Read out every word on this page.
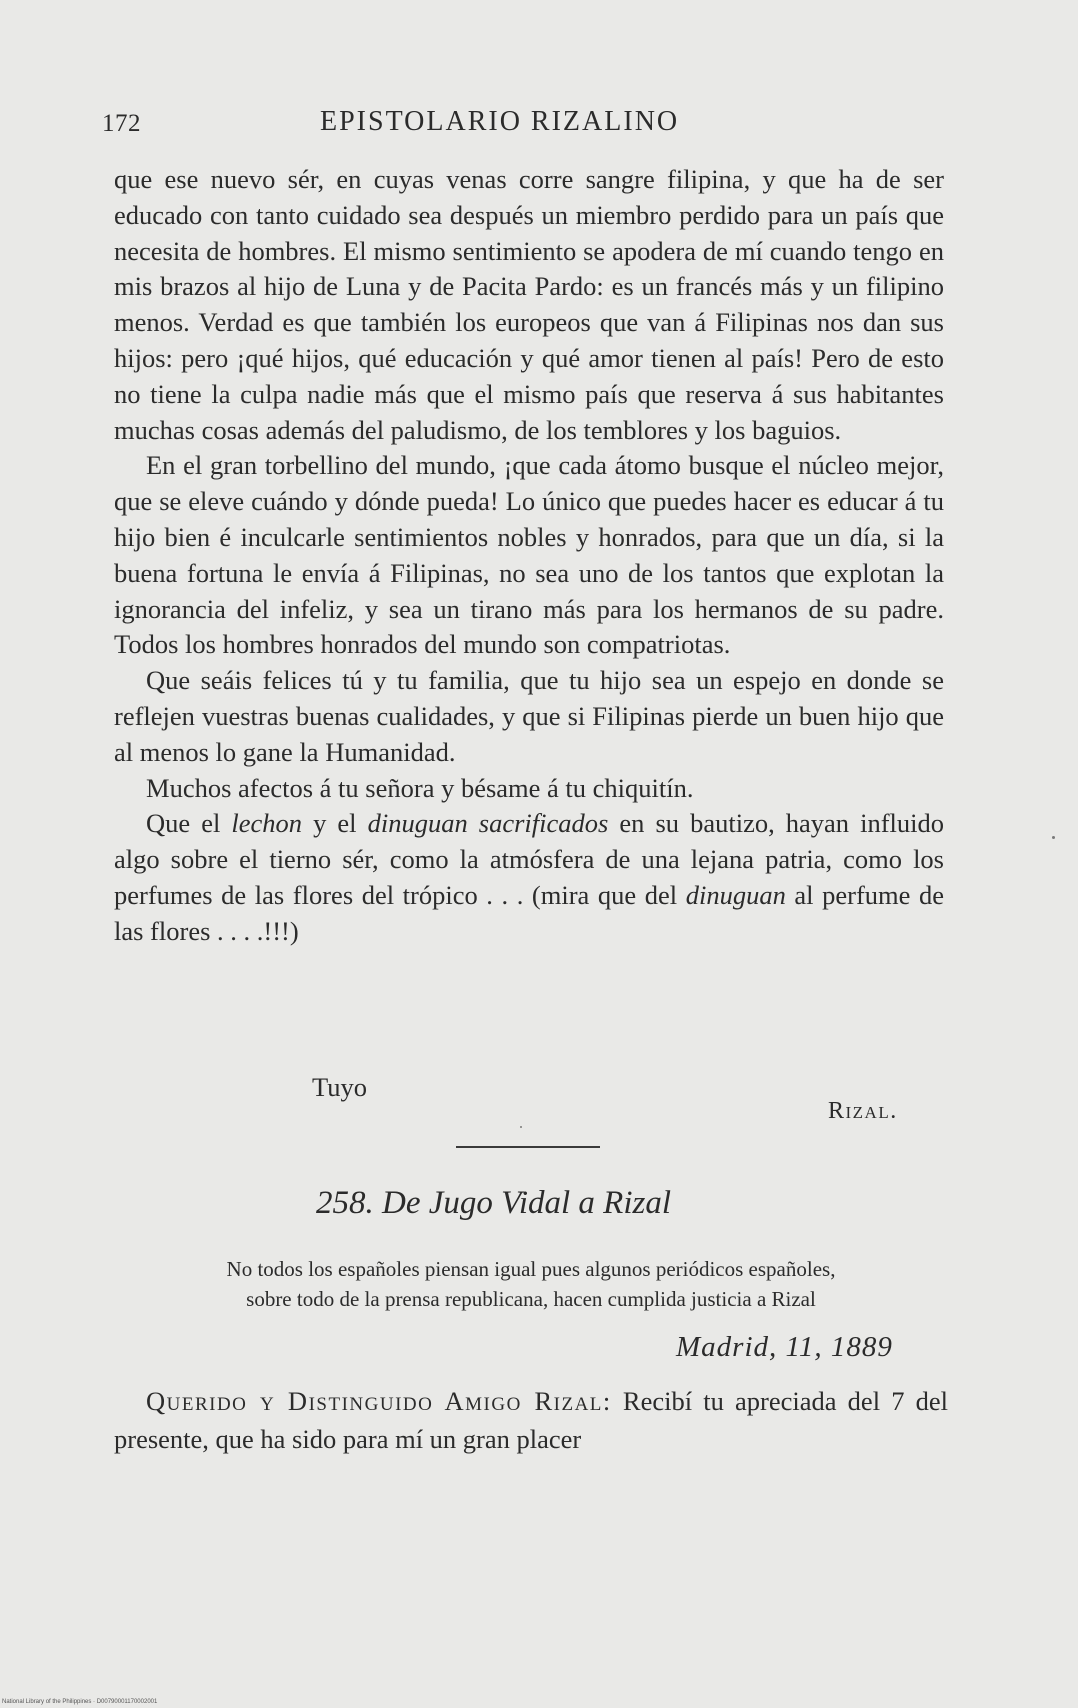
172	EPISTOLARIO RIZALINO

que ese nuevo sér, en cuyas venas corre sangre filipina, y que ha de ser educado con tanto cuidado sea después un miembro perdido para un país que necesita de hombres. El mismo sentimiento se apodera de mí cuando tengo en mis brazos al hijo de Luna y de Pacita Pardo: es un francés más y un filipino menos. Verdad es que también los europeos que van á Filipinas nos dan sus hijos: pero ¡qué hijos, qué educación y qué amor tienen al país! Pero de esto no tiene la culpa nadie más que el mismo país que reserva á sus habitantes muchas cosas además del paludismo, de los temblores y los baguios.

En el gran torbellino del mundo, ¡que cada átomo busque el núcleo mejor, que se eleve cuándo y dónde pueda! Lo único que puedes hacer es educar á tu hijo bien é inculcarle sentimientos nobles y honrados, para que un día, si la buena fortuna le envía á Filipinas, no sea uno de los tantos que explotan la ignorancia del infeliz, y sea un tirano más para los hermanos de su padre. Todos los hombres honrados del mundo son compatriotas.

Que seáis felices tú y tu familia, que tu hijo sea un espejo en donde se reflejen vuestras buenas cualidades, y que si Filipinas pierde un buen hijo que al menos lo gane la Humanidad.

Muchos afectos á tu señora y bésame á tu chiquitín.

Que el lechon y el dinuguan sacrificados en su bautizo, hayan influido algo sobre el tierno sér, como la atmósfera de una lejana patria, como los perfumes de las flores del trópico . . . (mira que del dinuguan al perfume de las flores . . . .!!!)

Tuyo
Rizal.
258. De Jugo Vidal a Rizal
No todos los españoles piensan igual pues algunos periódicos españoles,
sobre todo de la prensa republicana, hacen cumplida justicia a Rizal
Madrid, 11, 1889

Querido y Distinguido Amigo Rizal: Recibí tu apreciada del 7 del presente, que ha sido para mí un gran placer

National Library of the Philippines · D00790001170002001
